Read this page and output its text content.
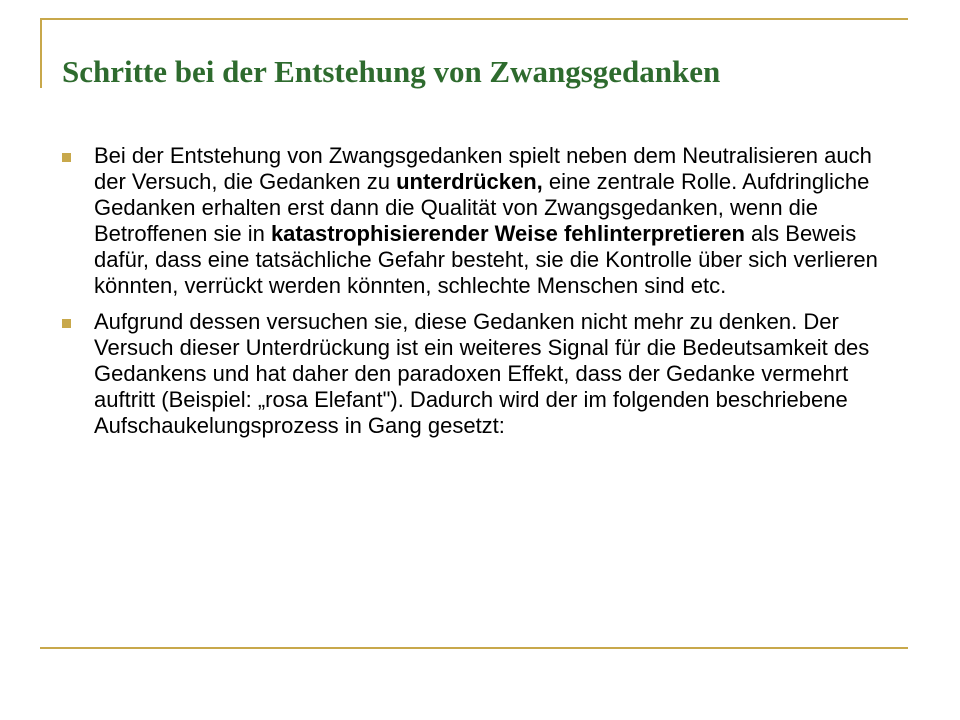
Schritte bei der Entstehung von Zwangsgedanken
Bei der Entstehung von Zwangsgedanken spielt neben dem Neutralisieren auch der Versuch, die Gedanken zu unterdrücken, eine zentrale Rolle. Aufdringliche Gedanken erhalten erst dann die Qualität von Zwangsgedanken, wenn die Betroffenen sie in katastrophisierender Weise fehlinterpretieren als Beweis dafür, dass eine tatsächliche Gefahr besteht, sie die Kontrolle über sich verlieren könnten, verrückt werden könnten, schlechte Menschen sind etc.
Aufgrund dessen versuchen sie, diese Gedanken nicht mehr zu denken. Der Versuch dieser Unterdrückung ist ein weiteres Signal für die Bedeutsamkeit des Gedankens und hat daher den paradoxen Effekt, dass der Gedanke vermehrt auftritt (Beispiel: „rosa Elefant"). Dadurch wird der im folgenden beschriebene Aufschaukelungsprozess in Gang gesetzt:
